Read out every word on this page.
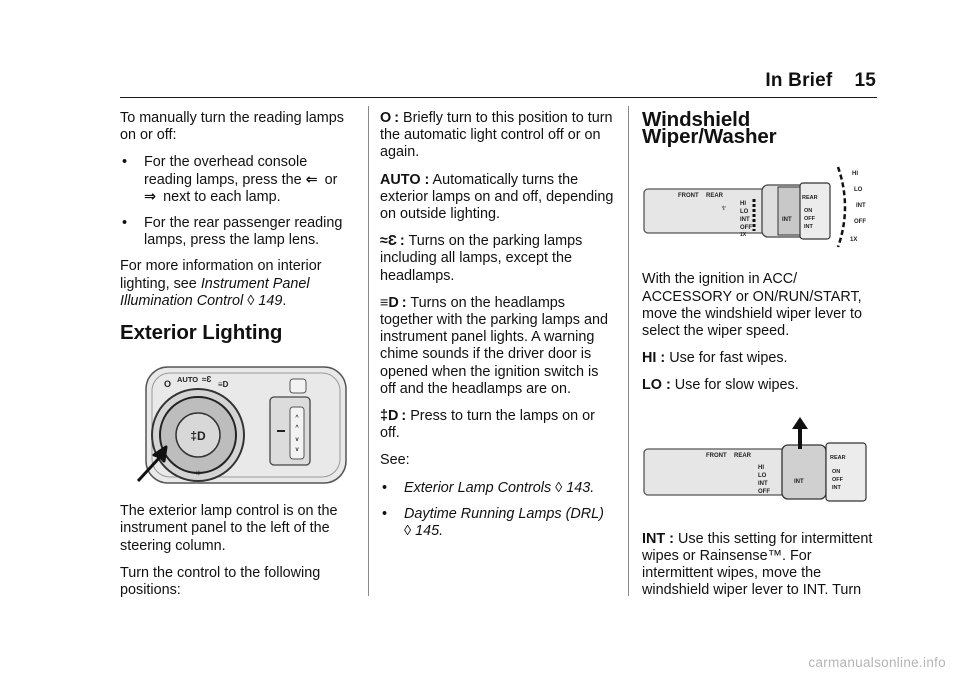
In Brief 15

To manually turn the reading lamps on or off:

• For the overhead console reading lamps, press the ⇐ or ⇒ next to each lamp.
• For the rear passenger reading lamps, press the lamp lens.

For more information on interior lighting, see Instrument Panel Illumination Control ◊ 149.

Exterior Lighting
‡D
AUTO
O	≈Ɛ
≡D
☼
^
^
v
v

The exterior lamp control is on the instrument panel to the left of the steering column.

Turn the control to the following positions:

O : Briefly turn to this position to turn the automatic light control off or on again.

AUTO : Automatically turns the exterior lamps on and off, depending on outside lighting.

≈Ɛ : Turns on the parking lamps including all lamps, except the headlamps.

≡D : Turns on the headlamps together with the parking lamps and instrument panel lights. A warning chime sounds if the driver door is opened when the ignition switch is off and the headlamps are on.

‡D : Press to turn the lamps on or off.

See:

• Exterior Lamp Controls ◊ 143.
• Daytime Running Lamps (DRL)
◊ 145.
Windshield Wiper/Washer
FRONT REAR
HI
LO
INT
OFF
1X
♆
INT
REAR
ON
OFF
INT
HI
LO
INT
OFF
1X

With the ignition in ACC/ ACCESSORY or ON/RUN/START, move the windshield wiper lever to select the wiper speed.

HI : Use for fast wipes.

LO : Use for slow wipes.

FRONT REAR
HI
LO
INT
OFF
INT
REAR
ON
OFF
INT

INT : Use this setting for intermittent wipes or Rainsense™. For intermittent wipes, move the windshield wiper lever to INT. Turn

carmanualsonline.info
